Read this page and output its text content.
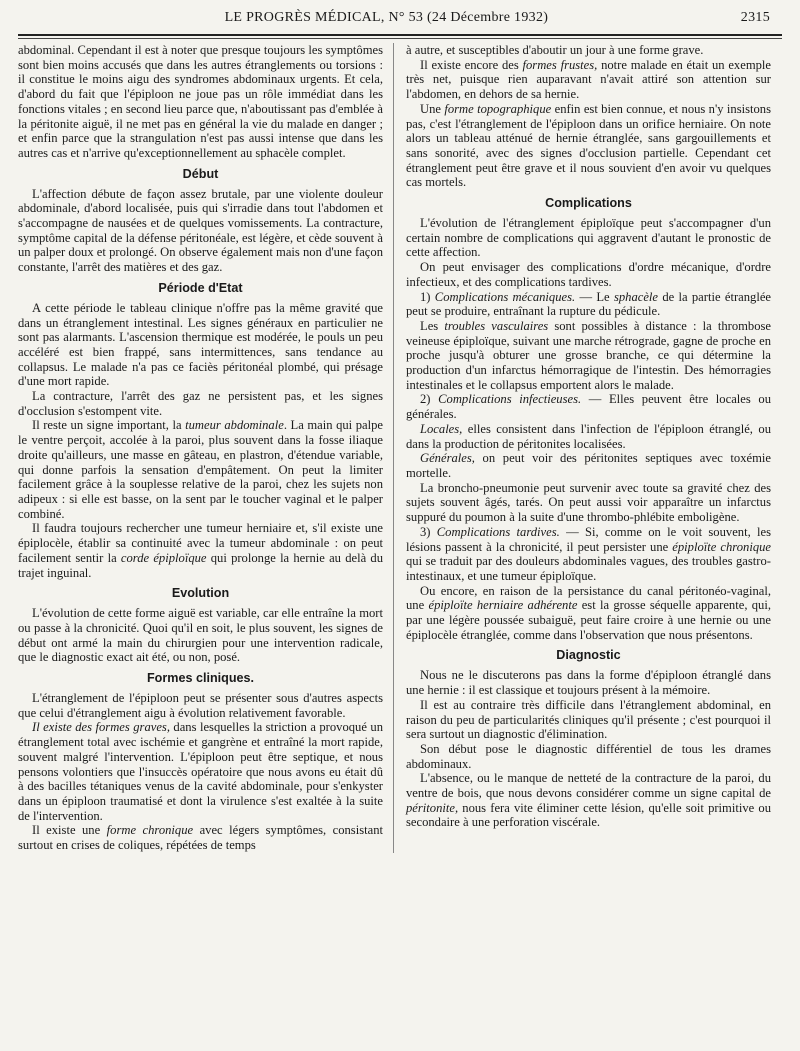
LE PROGRÈS MÉDICAL, N° 53 (24 Décembre 1932)	2315

abdominal. Cependant il est à noter que presque toujours les symptômes sont bien moins accusés que dans les autres étranglements ou torsions : il constitue le moins aigu des syndromes abdominaux urgents. Et cela, d'abord du fait que l'épiploon ne joue pas un rôle immédiat dans les fonctions vitales ; en second lieu parce que, n'aboutissant pas d'emblée à la péritonite aiguë, il ne met pas en général la vie du malade en danger ; et enfin parce que la strangulation n'est pas aussi intense que dans les autres cas et n'arrive qu'exceptionnellement au sphacèle complet.

Début

L'affection débute de façon assez brutale, par une violente douleur abdominale, d'abord localisée, puis qui s'irradie dans tout l'abdomen et s'accompagne de nausées et de quelques vomissements. La contracture, symptôme capital de la défense péritonéale, est légère, et cède souvent à un palper doux et prolongé. On observe également mais non d'une façon constante, l'arrêt des matières et des gaz.

Période d'Etat

A cette période le tableau clinique n'offre pas la même gravité que dans un étranglement intestinal. Les signes généraux en particulier ne sont pas alarmants. L'ascension thermique est modérée, le pouls un peu accéléré est bien frappé, sans intermittences, sans tendance au collapsus. Le malade n'a pas ce faciès péritonéal plombé, qui présage d'une mort rapide.

La contracture, l'arrêt des gaz ne persistent pas, et les signes d'occlusion s'estompent vite.

Il reste un signe important, la tumeur abdominale. La main qui palpe le ventre perçoit, accolée à la paroi, plus souvent dans la fosse iliaque droite qu'ailleurs, une masse en gâteau, en plastron, d'étendue variable, qui donne parfois la sensation d'empâtement. On peut la limiter facilement grâce à la souplesse relative de la paroi, chez les sujets non adipeux : si elle est basse, on la sent par le toucher vaginal et le palper combiné.

Il faudra toujours rechercher une tumeur herniaire et, s'il existe une épiplocèle, établir sa continuité avec la tumeur abdominale : on peut facilement sentir la corde épiploïque qui prolonge la hernie au delà du trajet inguinal.

Evolution

L'évolution de cette forme aiguë est variable, car elle entraîne la mort ou passe à la chronicité. Quoi qu'il en soit, le plus souvent, les signes de début ont armé la main du chirurgien pour une intervention radicale, que le diagnostic exact ait été, ou non, posé.

Formes cliniques.

L'étranglement de l'épiploon peut se présenter sous d'autres aspects que celui d'étranglement aigu à évolution relativement favorable.

Il existe des formes graves, dans lesquelles la striction a provoqué un étranglement total avec ischémie et gangrène et entraîné la mort rapide, souvent malgré l'intervention. L'épiploon peut être septique, et nous pensons volontiers que l'insuccès opératoire que nous avons eu était dû à des bacilles tétaniques venus de la cavité abdominale, pour s'enkyster dans un épiploon traumatisé et dont la virulence s'est exaltée à la suite de l'intervention.

Il existe une forme chronique avec légers symptômes, consistant surtout en crises de coliques, répétées de temps

à autre, et susceptibles d'aboutir un jour à une forme grave.

Il existe encore des formes frustes, notre malade en était un exemple très net, puisque rien auparavant n'avait attiré son attention sur l'abdomen, en dehors de sa hernie.

Une forme topographique enfin est bien connue, et nous n'y insistons pas, c'est l'étranglement de l'épiploon dans un orifice herniaire. On note alors un tableau atténué de hernie étranglée, sans gargouillements et sans sonorité, avec des signes d'occlusion partielle. Cependant cet étranglement peut être grave et il nous souvient d'en avoir vu quelques cas mortels.

Complications

L'évolution de l'étranglement épiploïque peut s'accompagner d'un certain nombre de complications qui aggravent d'autant le pronostic de cette affection.

On peut envisager des complications d'ordre mécanique, d'ordre infectieux, et des complications tardives.

1) Complications mécaniques. — Le sphacèle de la partie étranglée peut se produire, entraînant la rupture du pédicule.

Les troubles vasculaires sont possibles à distance : la thrombose veineuse épiploïque, suivant une marche rétrograde, gagne de proche en proche jusqu'à obturer une grosse branche, ce qui détermine la production d'un infarctus hémorragique de l'intestin. Des hémorragies intestinales et le collapsus emportent alors le malade.

2) Complications infectieuses. — Elles peuvent être locales ou générales.

Locales, elles consistent dans l'infection de l'épiploon étranglé, ou dans la production de péritonites localisées.

Générales, on peut voir des péritonites septiques avec toxémie mortelle.

La broncho-pneumonie peut survenir avec toute sa gravité chez des sujets souvent âgés, tarés. On peut aussi voir apparaître un infarctus suppuré du poumon à la suite d'une thrombo-phlébite emboligène.

3) Complications tardives. — Si, comme on le voit souvent, les lésions passent à la chronicité, il peut persister une épiploïte chronique qui se traduit par des douleurs abdominales vagues, des troubles gastro-intestinaux, et une tumeur épiploïque.

Ou encore, en raison de la persistance du canal péritonéo-vaginal, une épiploïte herniaire adhérente est la grosse séquelle apparente, qui, par une légère poussée subaiguë, peut faire croire à une hernie ou une épiplocèle étranglée, comme dans l'observation que nous présentons.

Diagnostic

Nous ne le discuterons pas dans la forme d'épiploon étranglé dans une hernie : il est classique et toujours présent à la mémoire.

Il est au contraire très difficile dans l'étranglement abdominal, en raison du peu de particularités cliniques qu'il présente ; c'est pourquoi il sera surtout un diagnostic d'élimination.

Son début pose le diagnostic différentiel de tous les drames abdominaux.

L'absence, ou le manque de netteté de la contracture de la paroi, du ventre de bois, que nous devons considérer comme un signe capital de péritonite, nous fera vite éliminer cette lésion, qu'elle soit primitive ou secondaire à une perforation viscérale.
